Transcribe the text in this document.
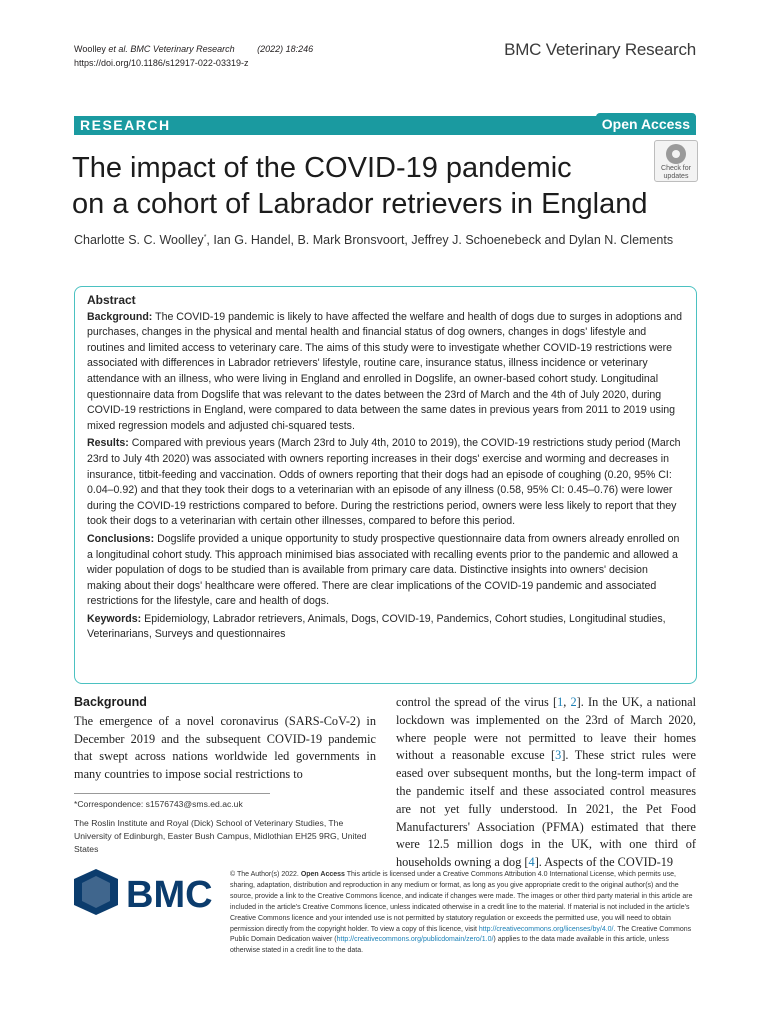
Woolley et al. BMC Veterinary Research	(2022) 18:246
https://doi.org/10.1186/s12917-022-03319-z
BMC Veterinary Research
RESEARCH	Open Access
The impact of the COVID-19 pandemic
on a cohort of Labrador retrievers in England
Check for
updates
Charlotte S. C. Woolley*, Ian G. Handel, B. Mark Bronsvoort, Jeffrey J. Schoenebeck and Dylan N. Clements
Abstract

Background: The COVID-19 pandemic is likely to have affected the welfare and health of dogs due to surges in adoptions and purchases, changes in the physical and mental health and financial status of dog owners, changes in dogs' lifestyle and routines and limited access to veterinary care. The aims of this study were to investigate whether COVID-19 restrictions were associated with differences in Labrador retrievers' lifestyle, routine care, insurance status, illness incidence or veterinary attendance with an illness, who were living in England and enrolled in Dogslife, an owner-based cohort study. Longitudinal questionnaire data from Dogslife that was relevant to the dates between the 23rd of March and the 4th of July 2020, during COVID-19 restrictions in England, were compared to data between the same dates in previous years from 2011 to 2019 using mixed regression models and adjusted chi-squared tests.

Results: Compared with previous years (March 23rd to July 4th, 2010 to 2019), the COVID-19 restrictions study period (March 23rd to July 4th 2020) was associated with owners reporting increases in their dogs' exercise and worming and decreases in insurance, titbit-feeding and vaccination. Odds of owners reporting that their dogs had an episode of coughing (0.20, 95% CI: 0.04–0.92) and that they took their dogs to a veterinarian with an episode of any illness (0.58, 95% CI: 0.45–0.76) were lower during the COVID-19 restrictions compared to before. During the restrictions period, owners were less likely to report that they took their dogs to a veterinarian with certain other illnesses, compared to before this period.

Conclusions: Dogslife provided a unique opportunity to study prospective questionnaire data from owners already enrolled on a longitudinal cohort study. This approach minimised bias associated with recalling events prior to the pandemic and allowed a wider population of dogs to be studied than is available from primary care data. Distinctive insights into owners' decision making about their dogs' healthcare were offered. There are clear implications of the COVID-19 pandemic and associated restrictions for the lifestyle, care and health of dogs.

Keywords: Epidemiology, Labrador retrievers, Animals, Dogs, COVID-19, Pandemics, Cohort studies, Longitudinal studies, Veterinarians, Surveys and questionnaires

Background
The emergence of a novel coronavirus (SARS-CoV-2) in December 2019 and the subsequent COVID-19 pandemic that swept across nations worldwide led governments in many countries to impose social restrictions to
control the spread of the virus [1, 2]. In the UK, a national lockdown was implemented on the 23rd of March 2020, where people were not permitted to leave their homes without a reasonable excuse [3]. These strict rules were eased over subsequent months, but the long-term impact of the pandemic itself and these associated control measures are not yet fully understood. In 2021, the Pet Food Manufacturers' Association (PFMA) estimated that there were 12.5 million dogs in the UK, with one third of households owning a dog [4]. Aspects of the COVID-19

*Correspondence: s1576743@sms.ed.ac.uk

The Roslin Institute and Royal (Dick) School of Veterinary Studies, The University of Edinburgh, Easter Bush Campus, Midlothian EH25 9RG, United States

BMC © The Author(s) 2022. Open Access This article is licensed under a Creative Commons Attribution 4.0 International License, which permits use, sharing, adaptation, distribution and reproduction in any medium or format, as long as you give appropriate credit to the original author(s) and the source, provide a link to the Creative Commons licence, and indicate if changes were made. The images or other third party material in this article are included in the article's Creative Commons licence, unless indicated otherwise in a credit line to the material. If material is not included in the article's Creative Commons licence and your intended use is not permitted by statutory regulation or exceeds the permitted use, you will need to obtain permission directly from the copyright holder. To view a copy of this licence, visit http://creativecommons.org/licenses/by/4.0/. The Creative Commons Public Domain Dedication waiver (http://creativecommons.org/publicdomain/zero/1.0/) applies to the data made available in this article, unless otherwise stated in a credit line to the data.
